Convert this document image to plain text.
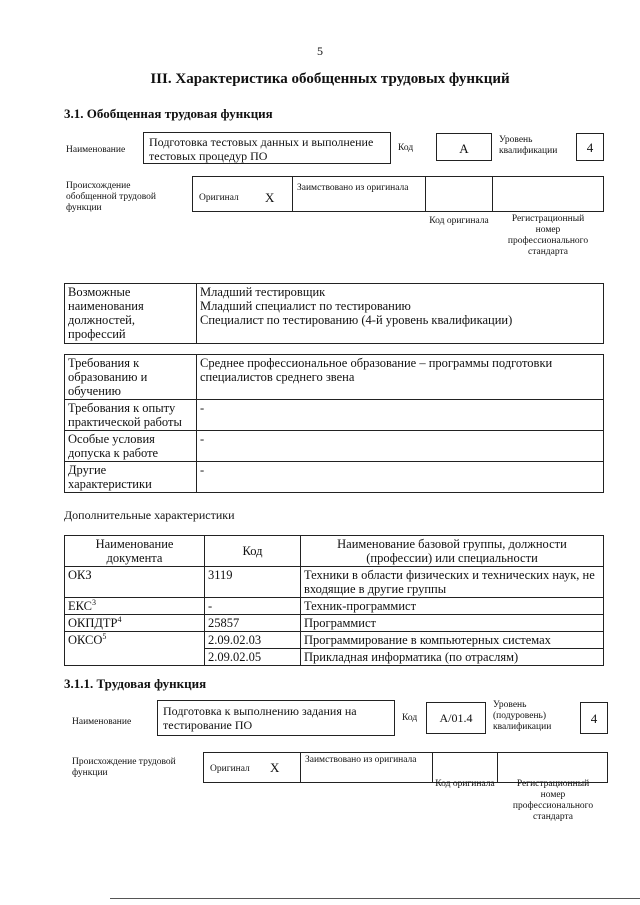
5
III. Характеристика обобщенных трудовых функций
3.1. Обобщенная трудовая функция
Наименование
Подготовка тестовых данных и выполнение тестовых процедур ПО
Код	А
Уровень квалификации	4
Происхождение обобщенной трудовой функции
Оригинал X
Заимствовано из оригинала
Код оригинала	Регистрационный номер профессионального стандарта
Возможные наименования должностей, профессий	
Младший тестировщик
Младший специалист по тестированию
Специалист по тестированию (4-й уровень квалификации)
Требования к образованию и обучению	Среднее профессиональное образование – программы подготовки специалистов среднего звена
Требования к опыту практической работы	-
Особые условия допуска к работе	-
Другие характеристики	-
Дополнительные характеристики
Наименование документа	Код	Наименование базовой группы, должности (профессии) или специальности
ОКЗ	3119	Техники в области физических и технических наук, не входящие в другие группы
ЕКС$^3$	-	Техник-программист
ОКПДТР$^4$	25857	Программист
ОКСО$^5$	2.09.02.03	Программирование в компьютерных системах
	2.09.02.05	Прикладная информатика (по отраслям)
3.1.1. Трудовая функция
Наименование
Подготовка к выполнению задания на тестирование ПО	Код	A/01.4
Уровень (подуровень) квалификации
4
Происхождение трудовой функции	Оригинал X	Заимствовано из оригинала
Код оригинала	Регистрационный номер профессионального стандарта
